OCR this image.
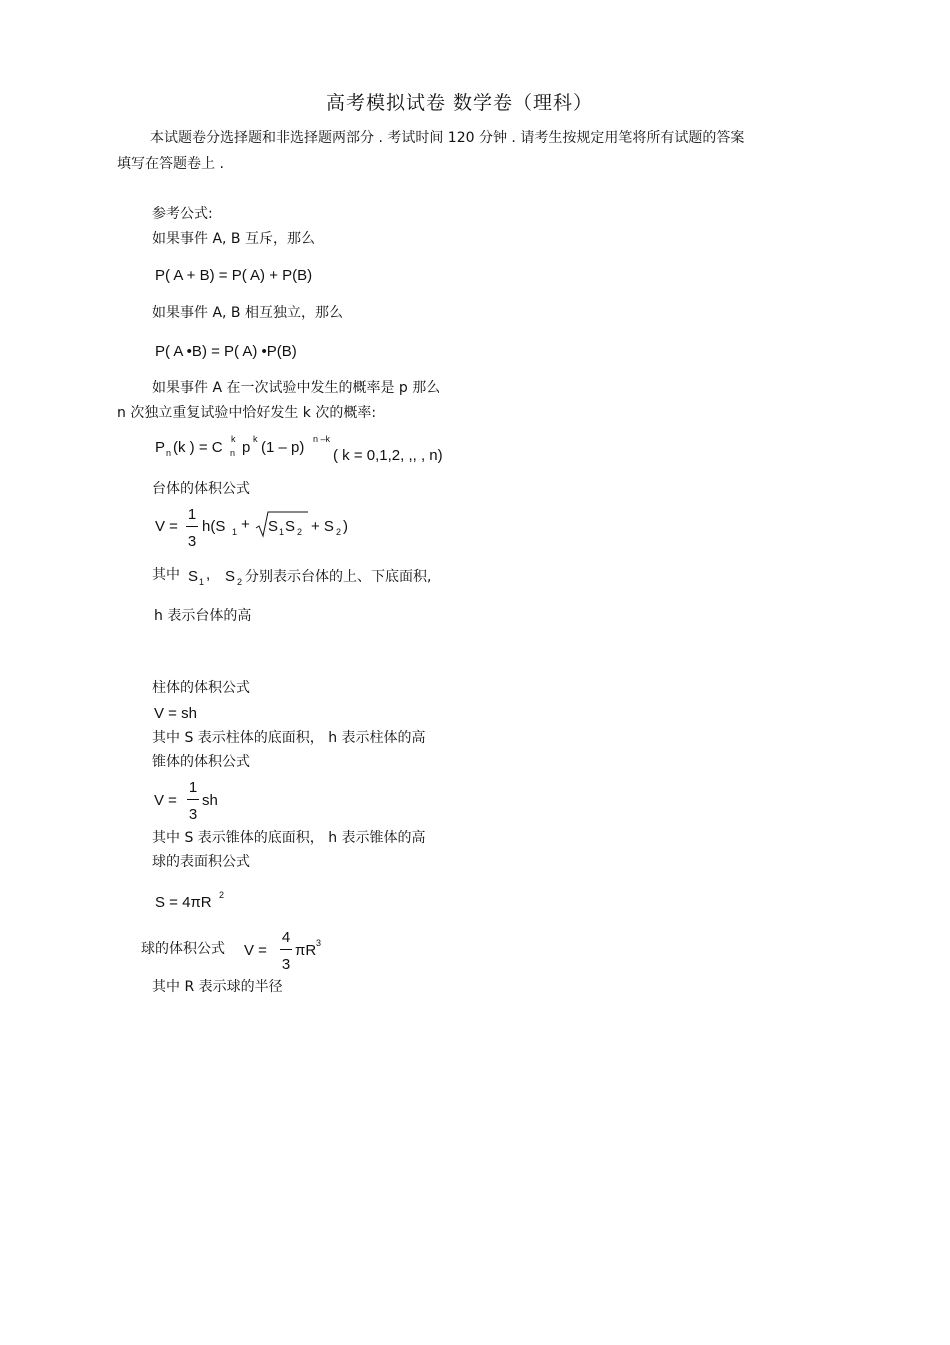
高考模拟试卷 数学卷（理科）
本试题卷分选择题和非选择题两部分 . 考试时间 120 分钟 . 请考生按规定用笔将所有试题的答案
填写在答题卷上 .
参考公式:
如果事件 A, B 互斥，那么
P( A + B) = P( A) + P(B)
如果事件 A, B 相互独立，那么
P( A •B) = P( A) •P(B)
如果事件 A 在一次试验中发生的概率是 p 那么
n 次独立重复试验中恰好发生 k 次的概率:
P n (k ) = C k
n p k (1 – p) n –k
( k = 0,1,2, ,, , n)
台体的体积公式
V =
1
3
h(S 1 + S 1 S 2 + S 2 )
其中 S 1 , S 2 分别表示台体的上、下底面积,
h 表示台体的高
柱体的体积公式
V = sh
其中 S 表示柱体的底面积， h 表示柱体的高
锥体的体积公式
V =
1
3
sh
其中 S 表示锥体的底面积， h 表示锥体的高
球的表面积公式
S = 4πR 2
球的体积公式 V =
4
3
πR 3
其中 R 表示球的半径
